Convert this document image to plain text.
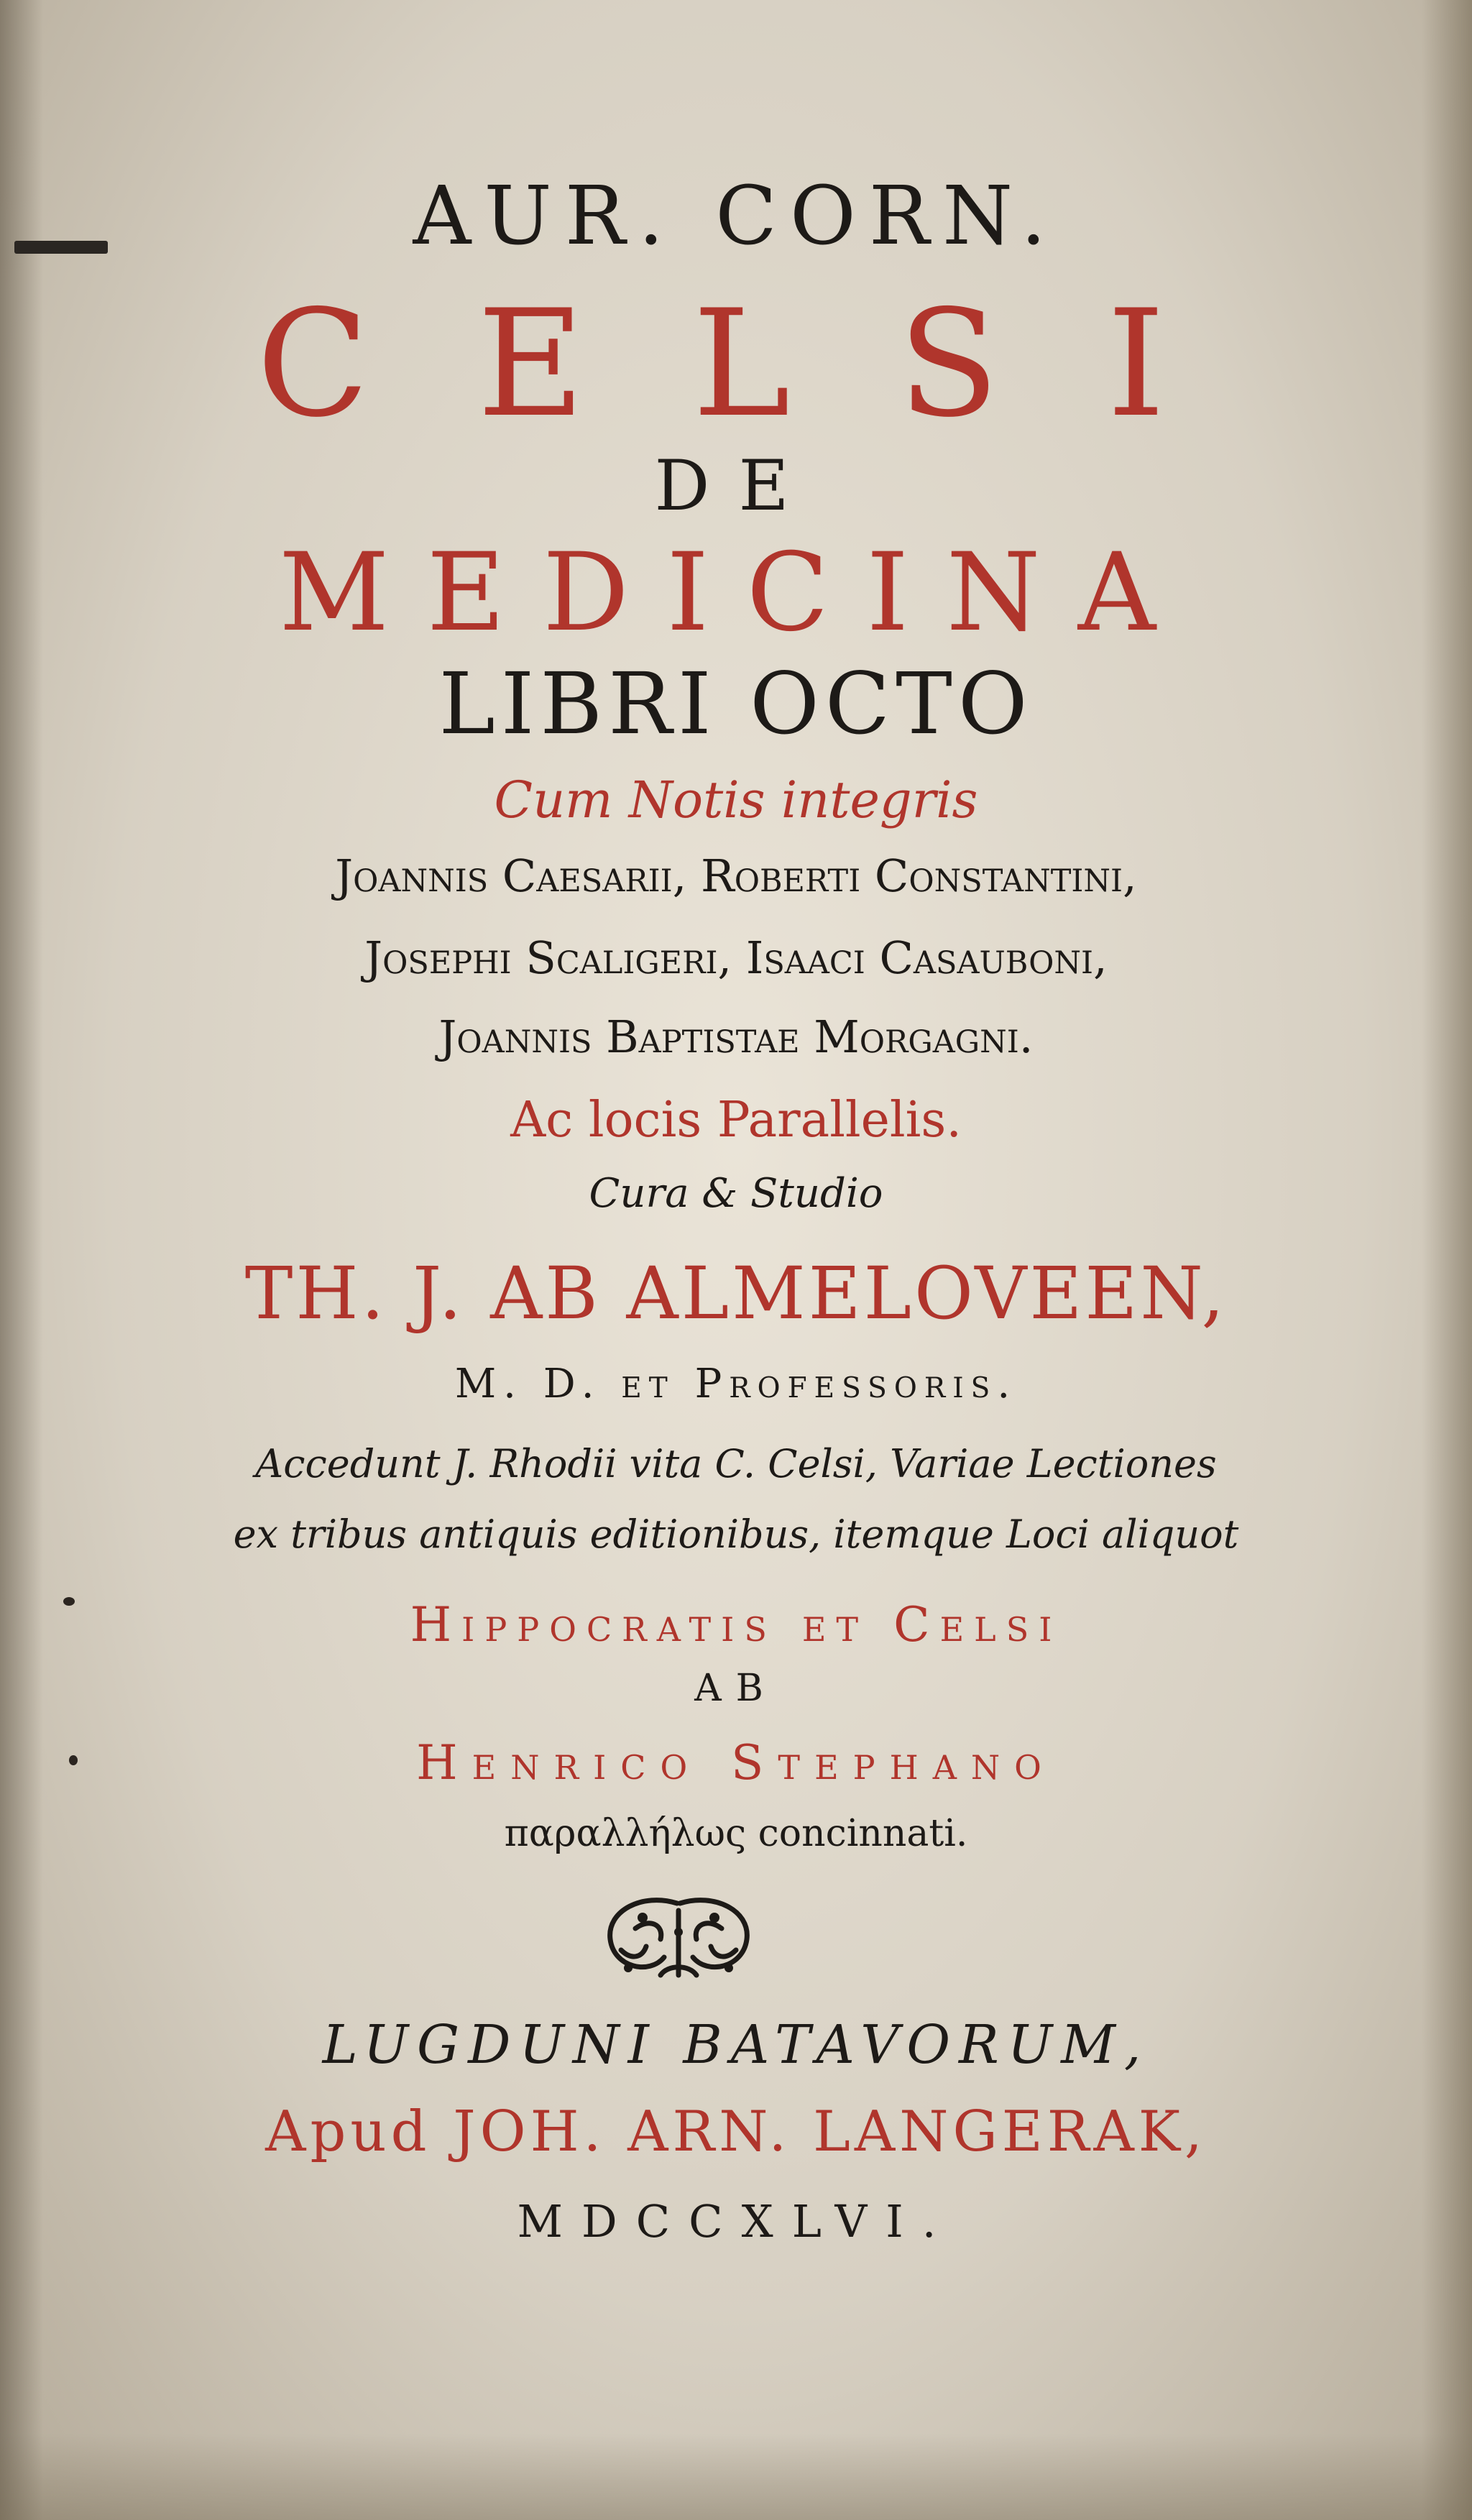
AUR. CORN.
CELSI
DE
MEDICINA
LIBRI OCTO
Cum Notis integris
Joannis Caesarii, Roberti Constantini,
Josephi Scaligeri, Isaaci Casauboni,
Joannis Baptistae Morgagni.
Ac locis Parallelis.
Cura & Studio
TH. J. AB ALMELOVEEN,
M. D. et Professoris.
Accedunt J. Rhodii vita C. Celsi, Variae Lectiones
ex tribus antiquis editionibus, itemque Loci aliquot
Hippocratis et Celsi
AB
Henrico Stephano
παραλλήλως concinnati.
LUGDUNI BATAVORUM,
Apud JOH. ARN. LANGERAK,
MDCCXLVI.
